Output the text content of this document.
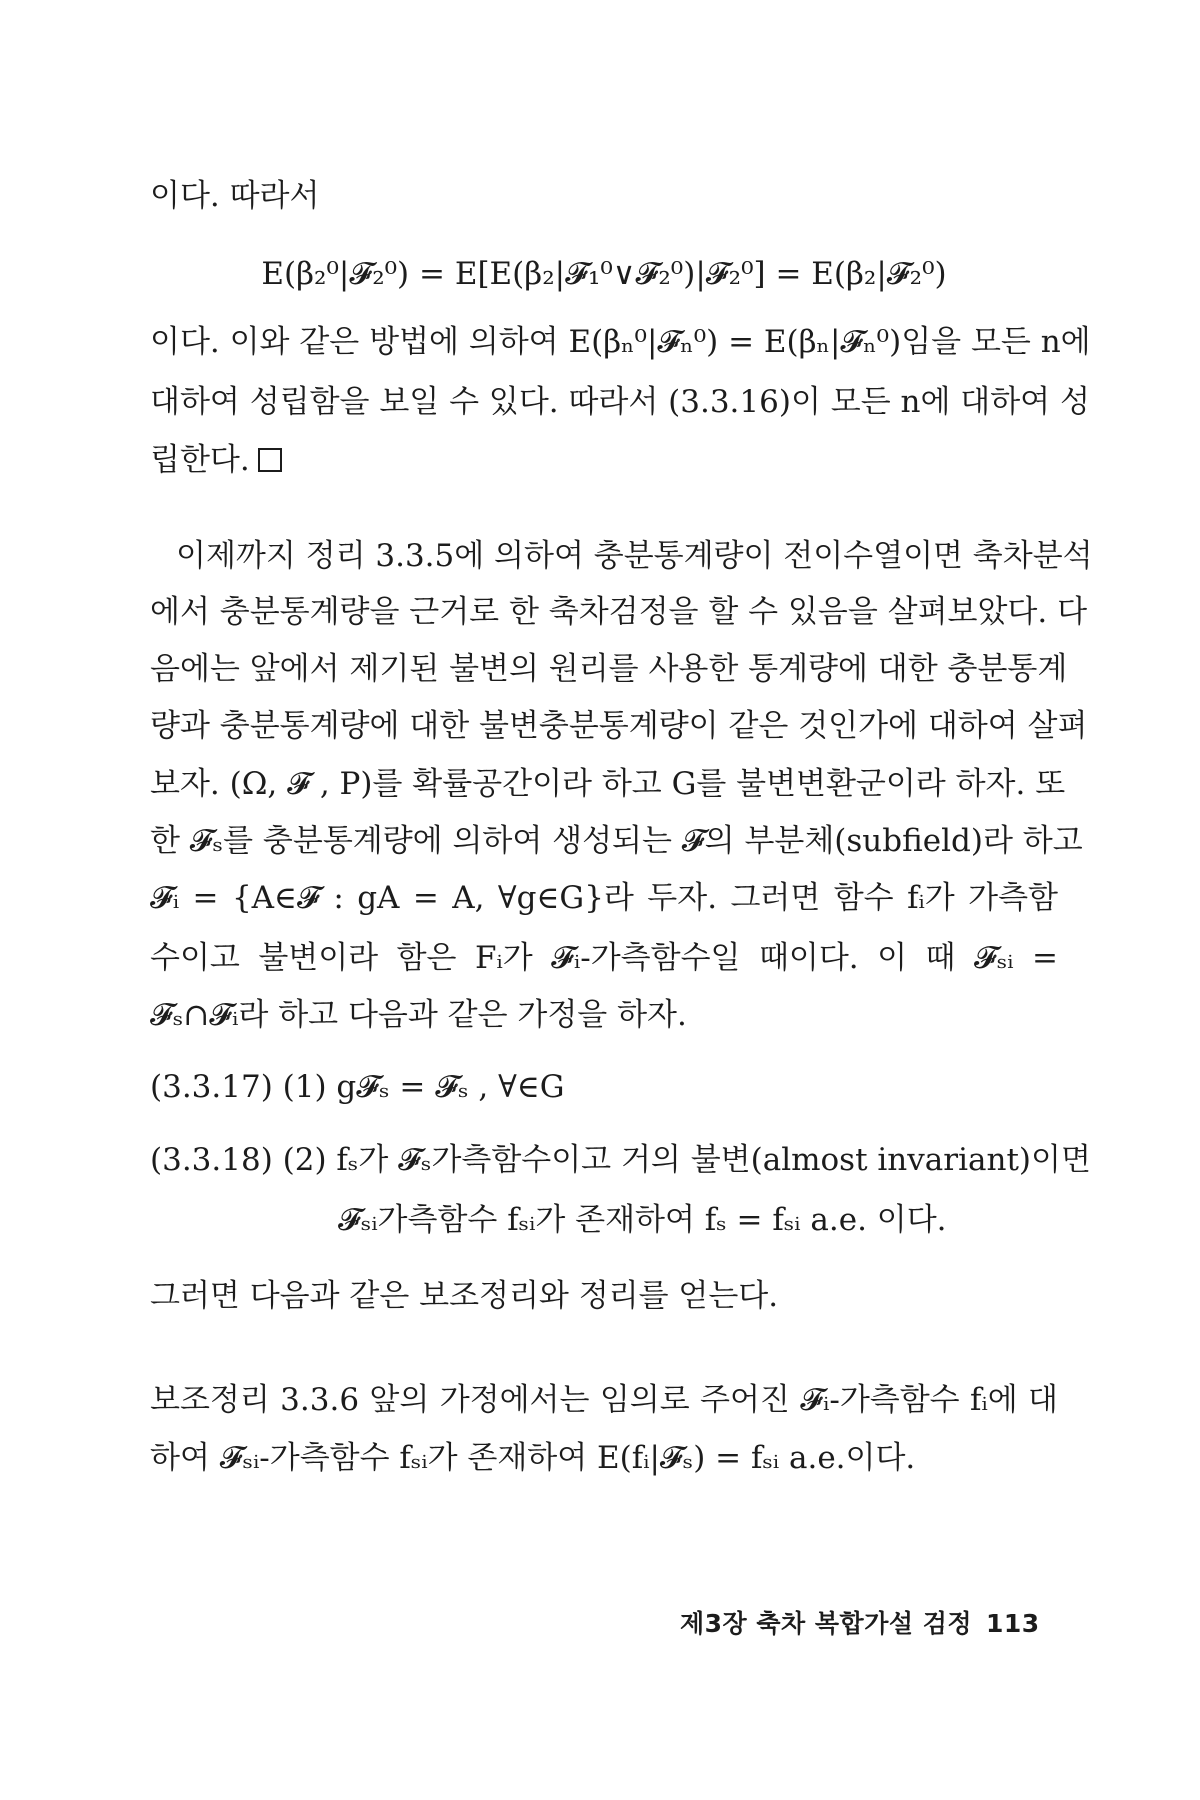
이다. 따라서
E(β₂⁰|𝓕₂⁰) = E[E(β₂|𝓕₁⁰∨𝓕₂⁰)|𝓕₂⁰] = E(β₂|𝓕₂⁰)
이다. 이와 같은 방법에 의하여 E(βₙ⁰|𝓕ₙ⁰) = E(βₙ|𝓕ₙ⁰)임을 모든 n에
대하여 성립함을 보일 수 있다. 따라서 (3.3.16)이 모든 n에 대하여 성
립한다.
이제까지 정리 3.3.5에 의하여 충분통계량이 전이수열이면 축차분석
에서 충분통계량을 근거로 한 축차검정을 할 수 있음을 살펴보았다. 다
음에는 앞에서 제기된 불변의 원리를 사용한 통계량에 대한 충분통계
량과 충분통계량에 대한 불변충분통계량이 같은 것인가에 대하여 살펴
보자. (Ω, 𝓕 , P)를 확률공간이라 하고 G를 불변변환군이라 하자. 또
한 𝓕ₛ를 충분통계량에 의하여 생성되는 𝓕의 부분체(subfield)라 하고
𝓕ᵢ = {A∈𝓕 : gA = A, ∀g∈G}라 두자. 그러면 함수 fᵢ가 가측함
수이고 불변이라 함은 Fᵢ가 𝓕ᵢ-가측함수일 때이다. 이 때 𝓕ₛᵢ =
𝓕ₛ∩𝓕ᵢ라 하고 다음과 같은 가정을 하자.
(3.3.17) (1) g𝓕ₛ = 𝓕ₛ , ∀∈G
(3.3.18) (2) fₛ가 𝓕ₛ가측함수이고 거의 불변(almost invariant)이면
𝓕ₛᵢ가측함수 fₛᵢ가 존재하여 fₛ = fₛᵢ a.e. 이다.
그러면 다음과 같은 보조정리와 정리를 얻는다.
보조정리 3.3.6 앞의 가정에서는 임의로 주어진 𝓕ᵢ-가측함수 fᵢ에 대
하여 𝓕ₛᵢ-가측함수 fₛᵢ가 존재하여 E(fᵢ|𝓕ₛ) = fₛᵢ a.e.이다.
제3장 축차 복합가설 검정 113
